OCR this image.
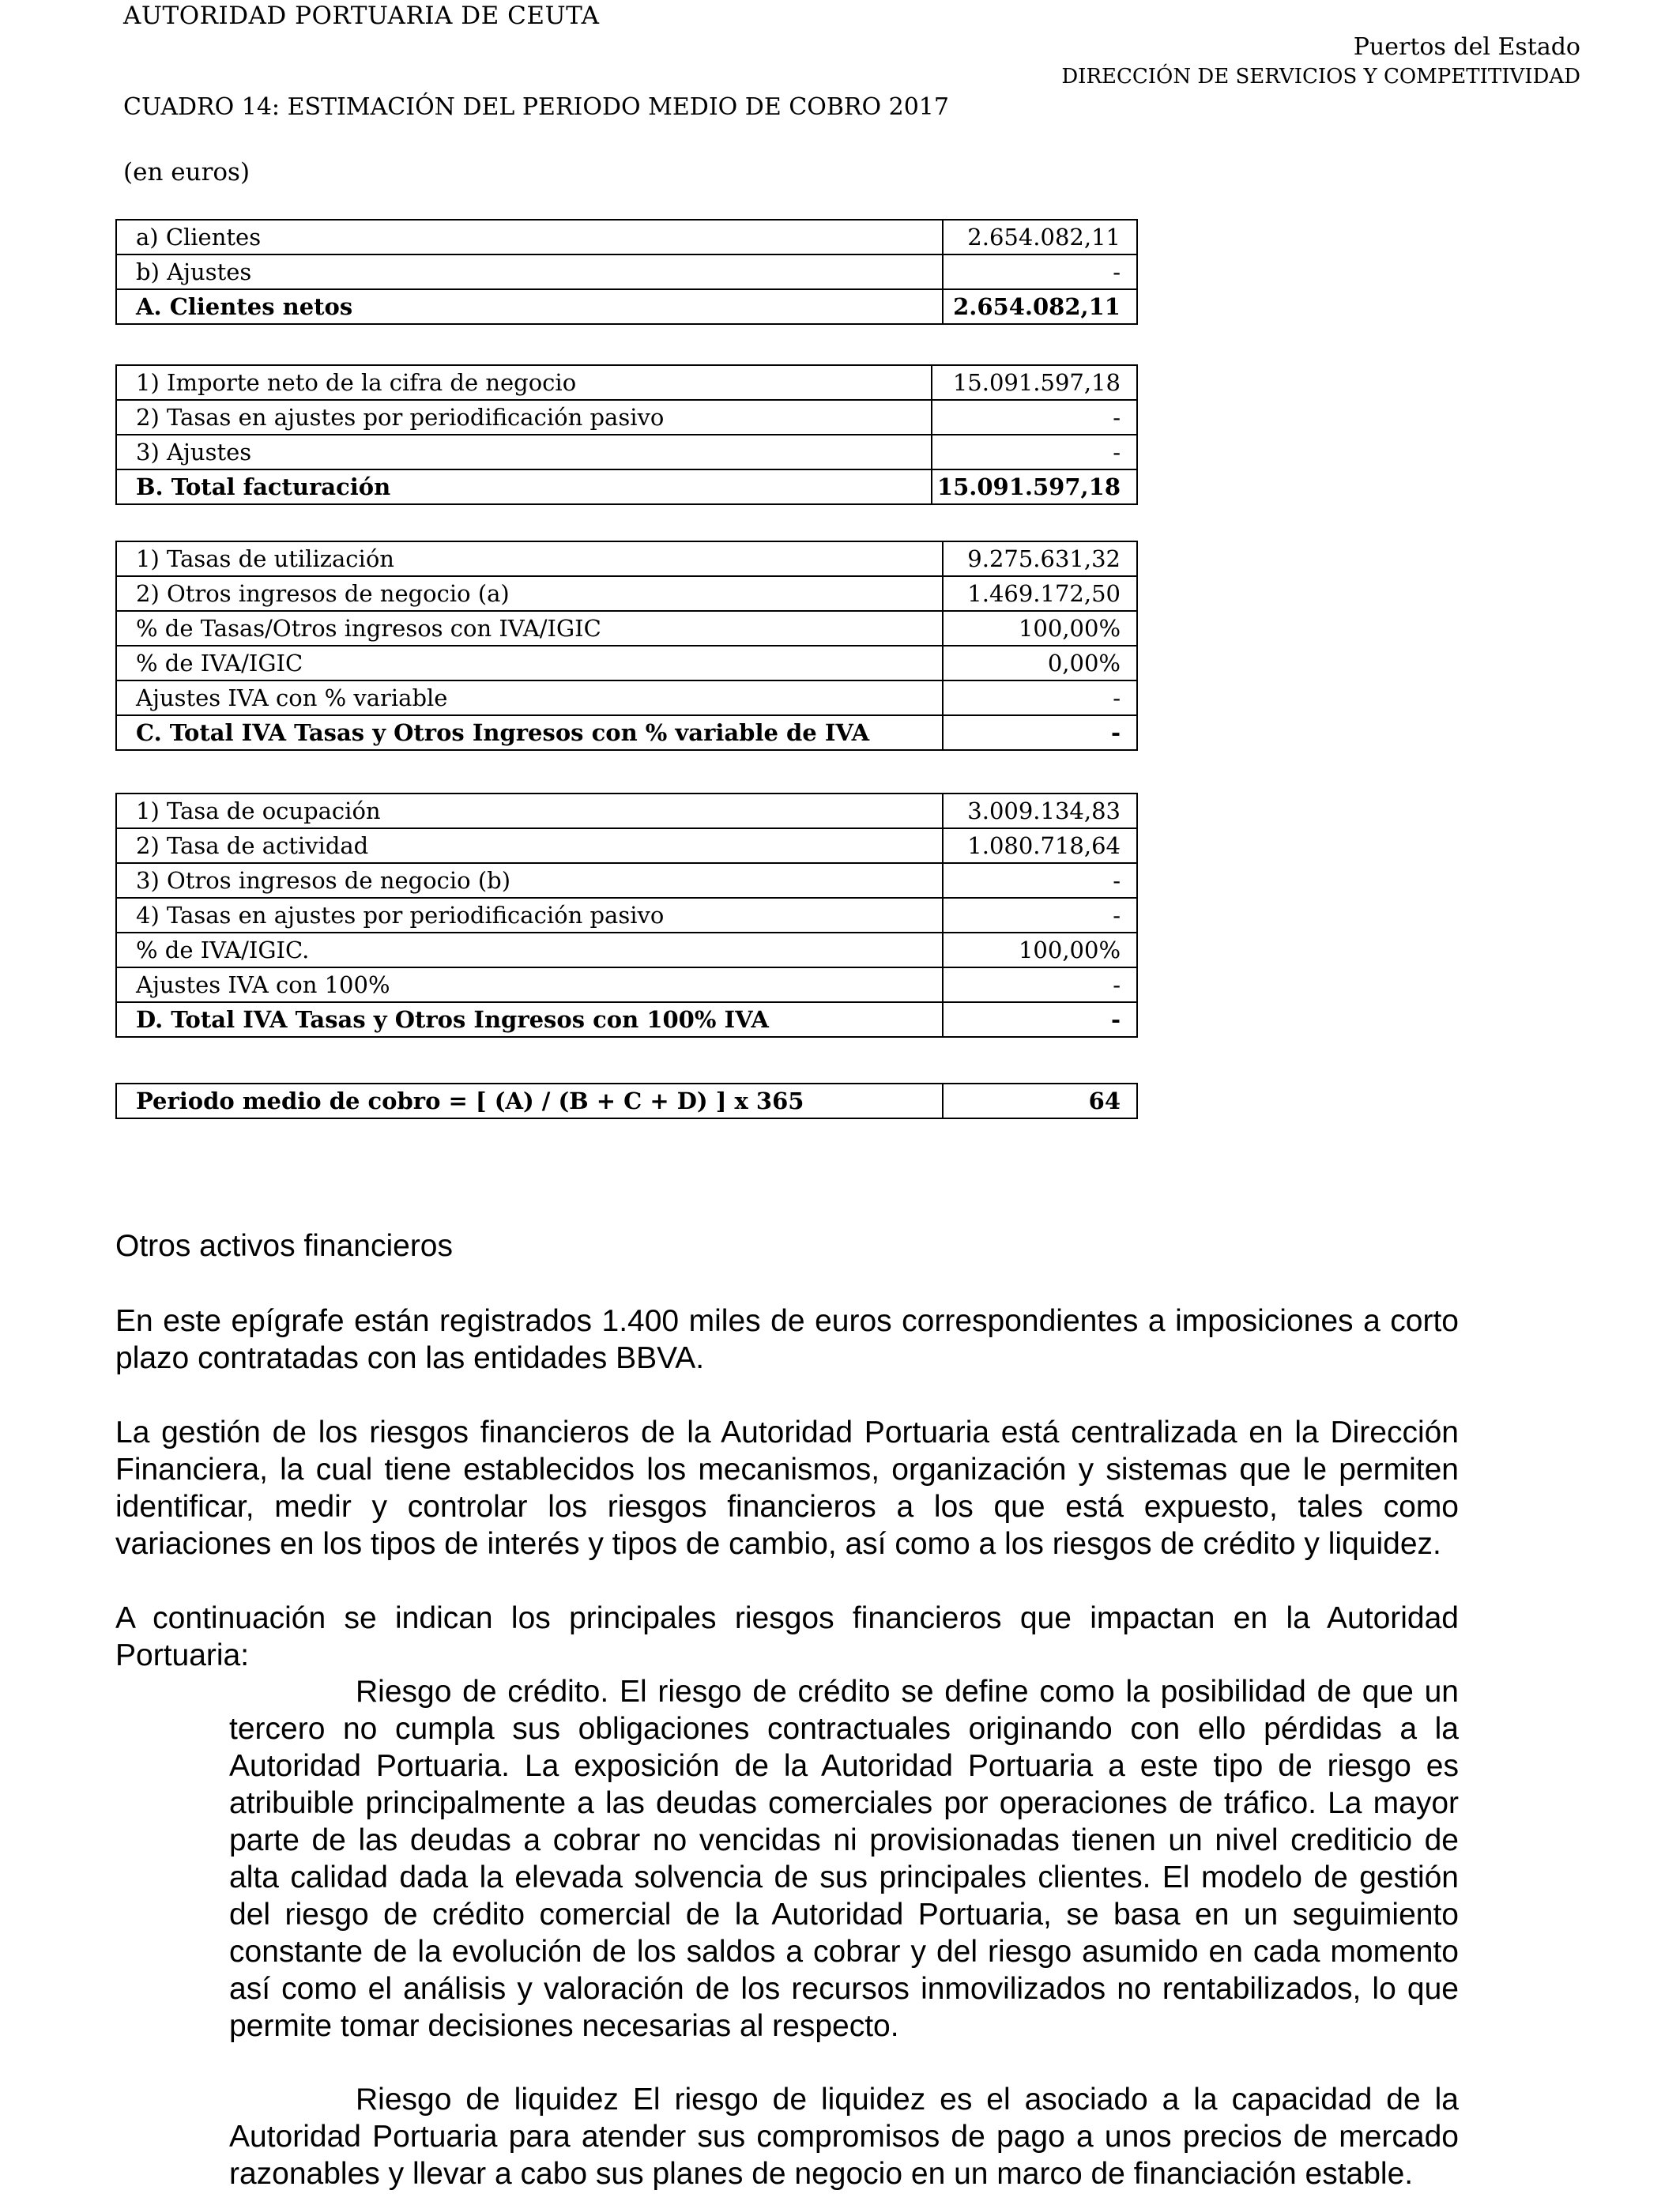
AUTORIDAD PORTUARIA DE CEUTA
Puertos del Estado
DIRECCIÓN DE SERVICIOS Y COMPETITIVIDAD
CUADRO 14: ESTIMACIÓN DEL PERIODO MEDIO DE COBRO 2017
(en euros)
a) Clientes	2.654.082,11
b) Ajustes	-
A. Clientes netos	2.654.082,11
1) Importe neto de la cifra de negocio	15.091.597,18
2) Tasas en ajustes por periodificación pasivo	-
3) Ajustes	-
B. Total facturación	15.091.597,18
1) Tasas de utilización	9.275.631,32
2) Otros ingresos de negocio (a)	1.469.172,50
% de Tasas/Otros ingresos con IVA/IGIC	100,00%
% de IVA/IGIC	0,00%
Ajustes IVA con % variable	-
C. Total IVA Tasas y Otros Ingresos con % variable de IVA	-
1) Tasa de ocupación	3.009.134,83
2) Tasa de actividad	1.080.718,64
3) Otros ingresos de negocio (b)	-
4) Tasas en ajustes por periodificación pasivo	-
% de IVA/IGIC.	100,00%
Ajustes IVA con 100%	-
D. Total IVA Tasas y Otros Ingresos con 100% IVA	-
Periodo medio de cobro = [ (A) / (B + C + D) ] x 365	64
Otros activos financieros

En este epígrafe están registrados 1.400 miles de euros correspondientes a imposiciones a corto plazo contratadas con las entidades BBVA.

La gestión de los riesgos financieros de la Autoridad Portuaria está centralizada en la Dirección Financiera, la cual tiene establecidos los mecanismos, organización y sistemas que le permiten identificar, medir y controlar los riesgos financieros a los que está expuesto, tales como variaciones en los tipos de interés y tipos de cambio, así como a los riesgos de crédito y liquidez.

A continuación se indican los principales riesgos financieros que impactan en la Autoridad Portuaria:

Riesgo de crédito. El riesgo de crédito se define como la posibilidad de que un tercero no cumpla sus obligaciones contractuales originando con ello pérdidas a la Autoridad Portuaria. La exposición de la Autoridad Portuaria a este tipo de riesgo es atribuible principalmente a las deudas comerciales por operaciones de tráfico. La mayor parte de las deudas a cobrar no vencidas ni provisionadas tienen un nivel crediticio de alta calidad dada la elevada solvencia de sus principales clientes. El modelo de gestión del riesgo de crédito comercial de la Autoridad Portuaria, se basa en un seguimiento constante de la evolución de los saldos a cobrar y del riesgo asumido en cada momento así como el análisis y valoración de los recursos inmovilizados no rentabilizados, lo que permite tomar decisiones necesarias al respecto.

Riesgo de liquidez El riesgo de liquidez es el asociado a la capacidad de la Autoridad Portuaria para atender sus compromisos de pago a unos precios de mercado razonables y llevar a cabo sus planes de negocio en un marco de financiación estable.
